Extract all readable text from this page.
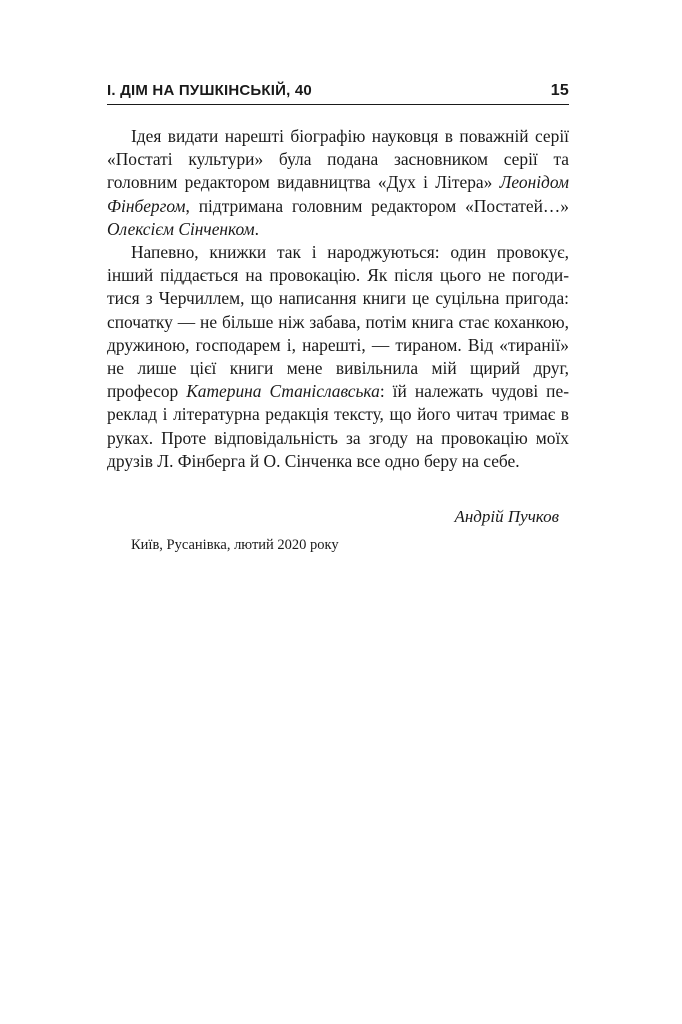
І. ДІМ НА ПУШКІНСЬКІЙ, 40	15

Ідея видати нарешті біографію науковця в поважній серії «Постаті культури» була подана засновником серії та головним редактором видавництва «Дух і Літера» Леонідом Фінбергом, підтримана головним редактором «Постатей…» Олексієм Сінченком.

Напевно, книжки так і народжуються: один провокує, інший піддається на провокацію. Як після цього не погодитися з Черчиллем, що написання книги це суцільна пригода: спочатку — не більше ніж забава, потім книга стає коханкою, дружиною, господарем і, нарешті, — тираном. Від «тиранії» не лише цієї книги мене вивільнила мій щирий друг, професор Катерина Станіславська: їй належать чудові переклад і літературна редакція тексту, що його читач тримає в руках. Проте відповідальність за згоду на провокацію моїх друзів Л. Фінберга й О. Сінченка все одно беру на себе.

Андрій Пучков
Київ, Русанівка, лютий 2020 року
